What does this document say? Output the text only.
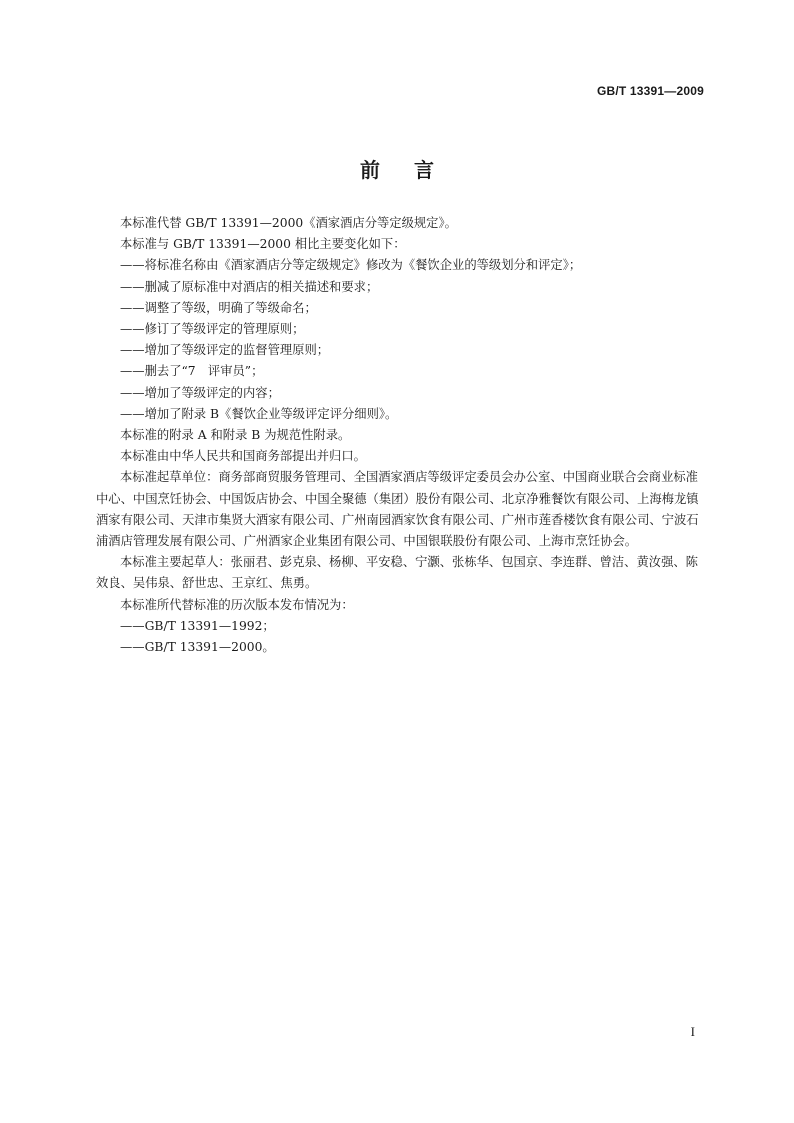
GB/T 13391—2009
前言

本标准代替 GB/T 13391—2000《酒家酒店分等定级规定》。

本标准与 GB/T 13391—2000 相比主要变化如下：

——将标准名称由《酒家酒店分等定级规定》修改为《餐饮企业的等级划分和评定》；

——删减了原标准中对酒店的相关描述和要求；

——调整了等级，明确了等级命名；

——修订了等级评定的管理原则；

——增加了等级评定的监督管理原则；

——删去了“7　评审员”；

——增加了等级评定的内容；

——增加了附录 B《餐饮企业等级评定评分细则》。

本标准的附录 A 和附录 B 为规范性附录。

本标准由中华人民共和国商务部提出并归口。

本标准起草单位：商务部商贸服务管理司、全国酒家酒店等级评定委员会办公室、中国商业联合会商业标准中心、中国烹饪协会、中国饭店协会、中国全聚德（集团）股份有限公司、北京净雅餐饮有限公司、上海梅龙镇酒家有限公司、天津市集贤大酒家有限公司、广州南园酒家饮食有限公司、广州市莲香楼饮食有限公司、宁波石浦酒店管理发展有限公司、广州酒家企业集团有限公司、中国银联股份有限公司、上海市烹饪协会。

本标准主要起草人：张丽君、彭克泉、杨柳、平安稳、宁灏、张栋华、包国京、李连群、曾洁、黄汝强、陈效良、吴伟泉、舒世忠、王京红、焦勇。

本标准所代替标准的历次版本发布情况为：

——GB/T 13391—1992；

——GB/T 13391—2000。

I
